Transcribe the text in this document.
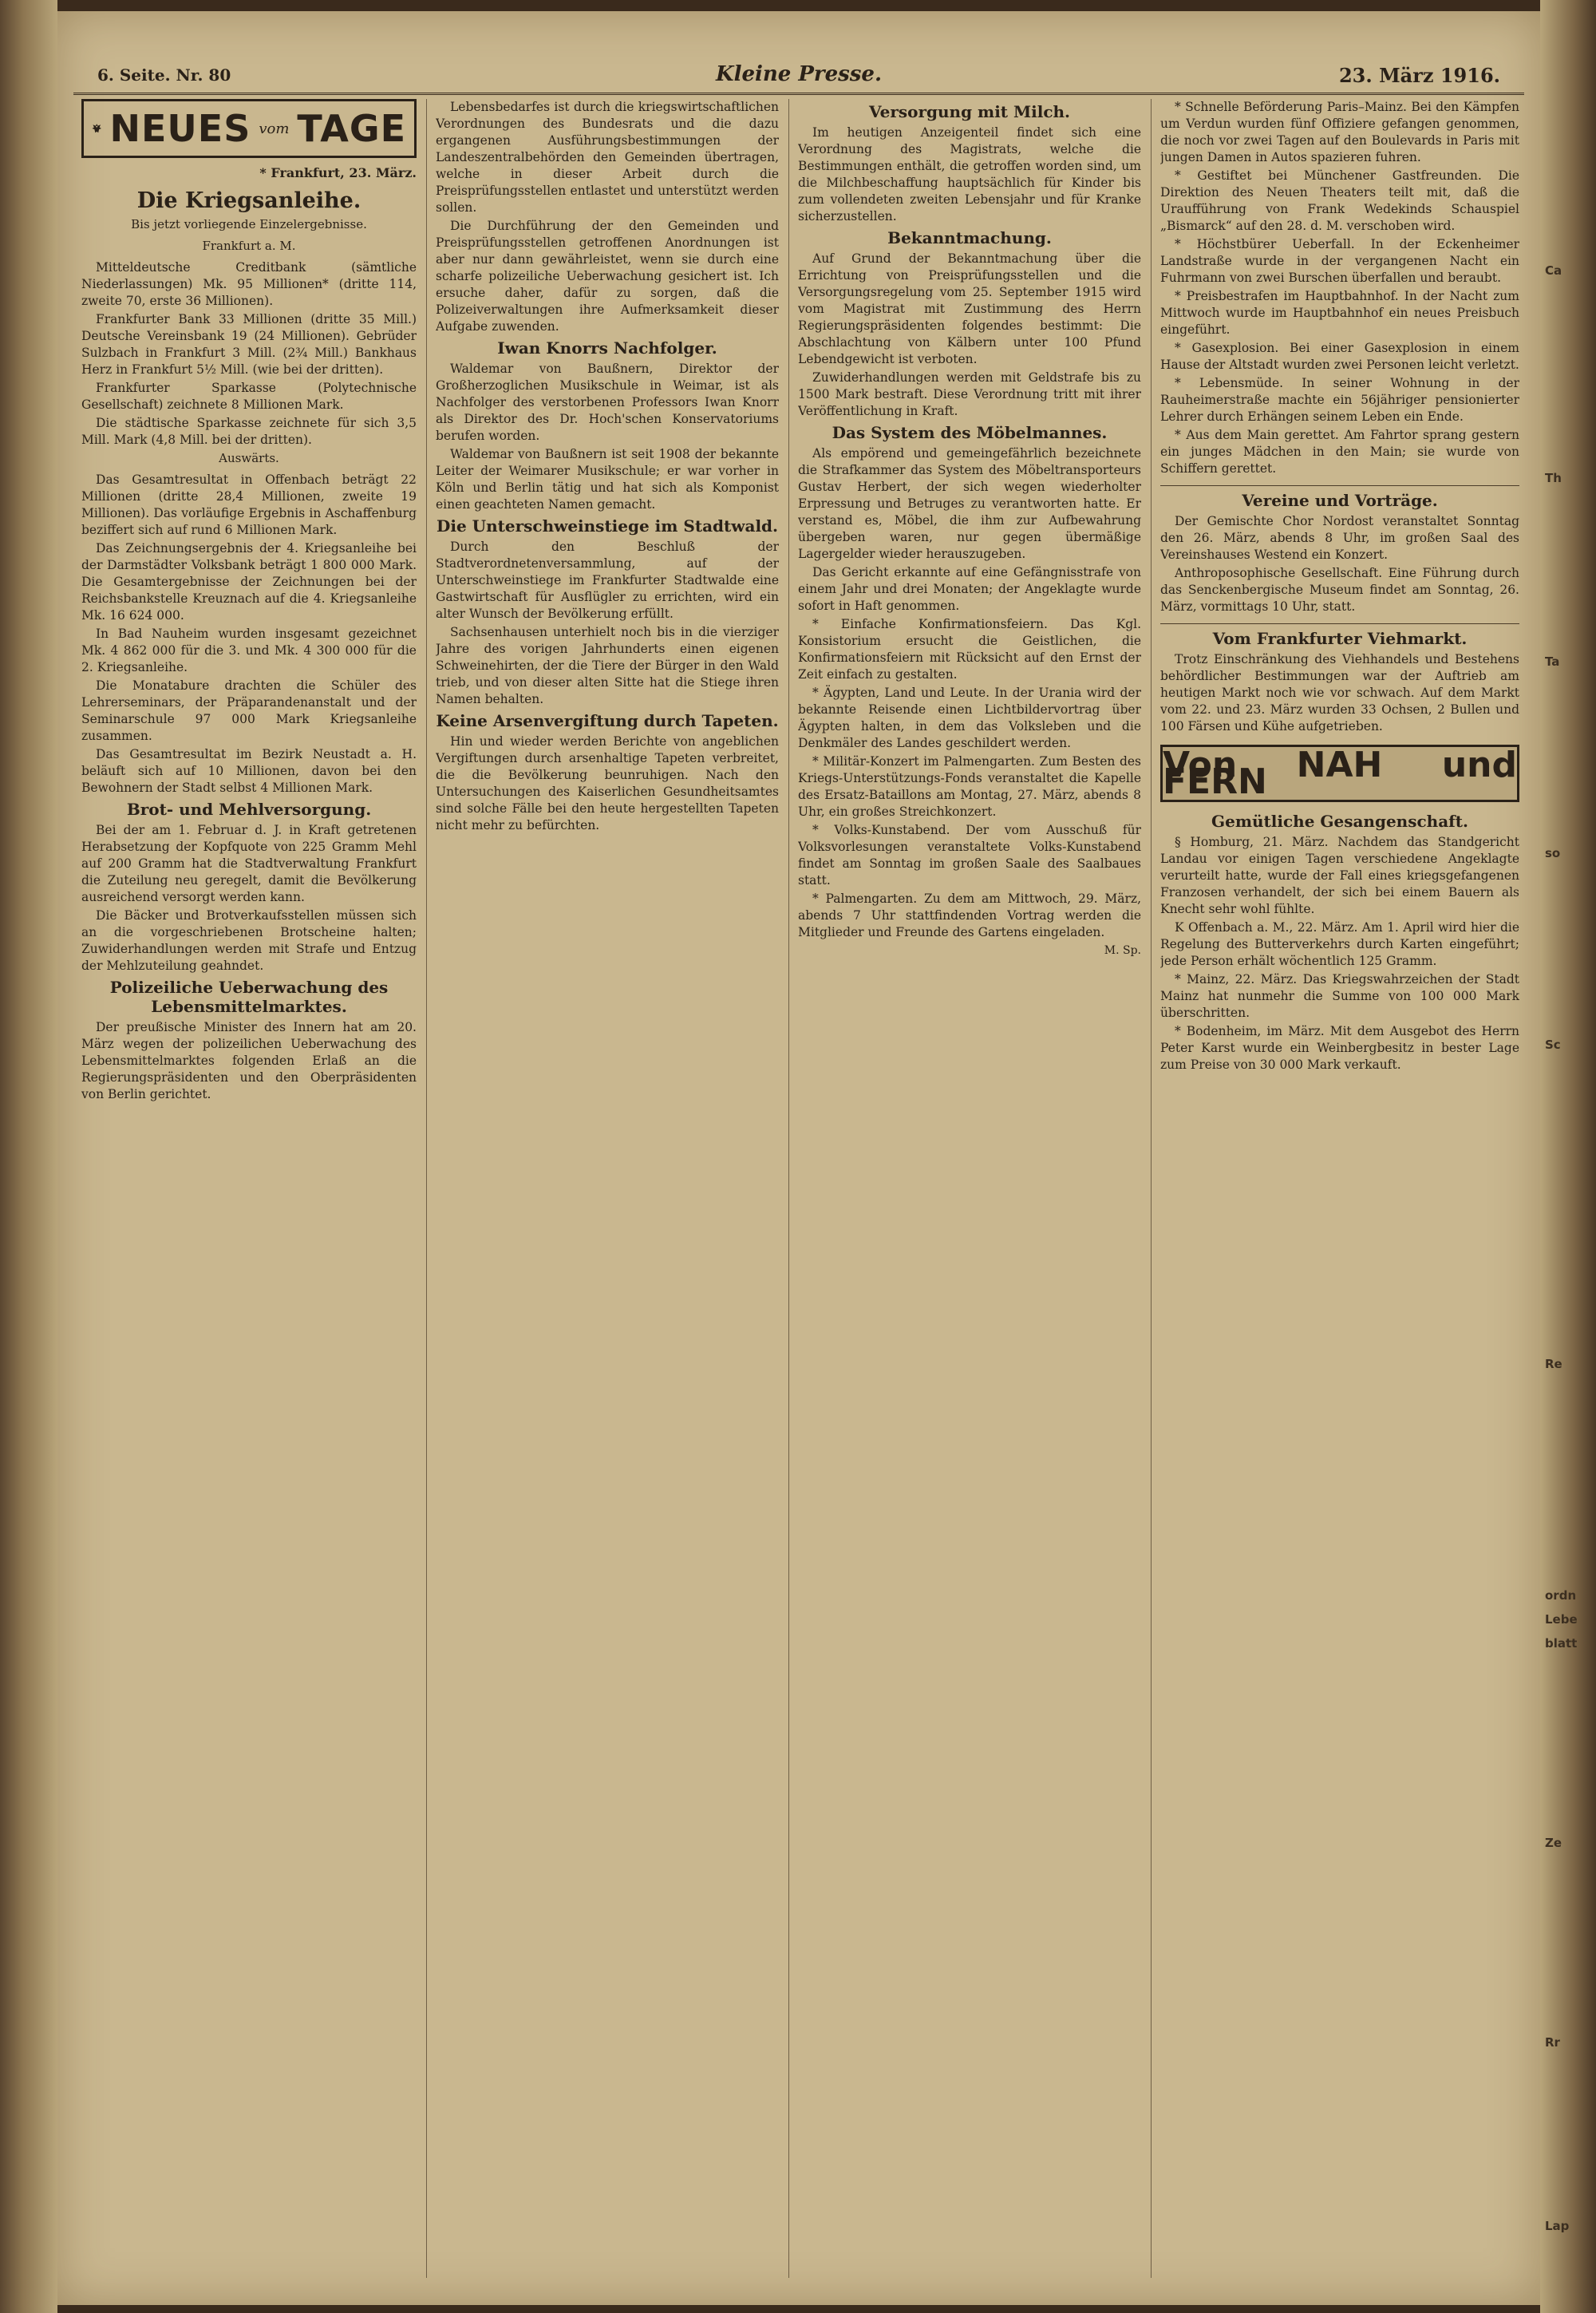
6. Seite. Nr. 80	Kleine Presse.	23. März 1916.
NEUES vom TAGE
* Frankfurt, 23. März.
Die Kriegsanleihe.
Bis jetzt vorliegende Einzelergebnisse.
Frankfurt a. M.

Mitteldeutsche Creditbank (sämtliche Niederlassungen) Mk. 95 Millionen* (dritte 114, zweite 70, erste 36 Millionen).

Frankfurter Bank 33 Millionen (dritte 35 Mill.) Deutsche Vereinsbank 19 (24 Millionen). Gebrüder Sulzbach in Frankfurt 3 Mill. (2¾ Mill.) Bankhaus Herz in Frankfurt 5½ Mill. (wie bei der dritten).

Frankfurter Sparkasse (Polytechnische Gesellschaft) zeichnete 8 Millionen Mark.

Die städtische Sparkasse zeichnete für sich 3,5 Mill. Mark (4,8 Mill. bei der dritten).

Auswärts.

Das Gesamtresultat in Offenbach beträgt 22 Millionen (dritte 28,4 Millionen, zweite 19 Millionen). Das vorläufige Ergebnis in Aschaffenburg beziffert sich auf rund 6 Millionen Mark.

Das Zeichnungsergebnis der 4. Kriegsanleihe bei der Darmstädter Volksbank beträgt 1 800 000 Mark. Die Gesamtergebnisse der Zeichnungen bei der Reichsbankstelle Kreuznach auf die 4. Kriegsanleihe Mk. 16 624 000.

In Bad Nauheim wurden insgesamt gezeichnet Mk. 4 862 000 für die 3. und Mk. 4 300 000 für die 2. Kriegsanleihe.

Die Monatabure drachten die Schüler des Lehrerseminars, der Präparandenanstalt und der Seminarschule 97 000 Mark Kriegsanleihe zusammen.

Das Gesamtresultat im Bezirk Neustadt a. H. beläuft sich auf 10 Millionen, davon bei den Bewohnern der Stadt selbst 4 Millionen Mark.

Brot- und Mehlversorgung.

Bei der am 1. Februar d. J. in Kraft getretenen Herabsetzung der Kopfquote von 225 Gramm Mehl auf 200 Gramm hat die Stadtverwaltung Frankfurt die Zuteilung neu geregelt, damit die Bevölkerung ausreichend versorgt werden kann.

Die Bäcker und Brotverkaufsstellen müssen sich an die vorgeschriebenen Brotscheine halten; Zuwiderhandlungen werden mit Strafe und Entzug der Mehlzuteilung geahndet.

Polizeiliche Ueberwachung des Lebensmittelmarktes.

Der preußische Minister des Innern hat am 20. März wegen der polizeilichen Ueberwachung des Lebensmittelmarktes folgenden Erlaß an die Regierungspräsidenten und den Oberpräsidenten von Berlin gerichtet.

Lebensbedarfes ist durch die kriegswirtschaftlichen Verordnungen des Bundesrats und die dazu ergangenen Ausführungsbestimmungen der Landeszentralbehörden den Gemeinden übertragen, welche in dieser Arbeit durch die Preisprüfungsstellen entlastet und unterstützt werden sollen.

Die Durchführung der den Gemeinden und Preisprüfungsstellen getroffenen Anordnungen ist aber nur dann gewährleistet, wenn sie durch eine scharfe polizeiliche Ueberwachung gesichert ist. Ich ersuche daher, dafür zu sorgen, daß die Polizeiverwaltungen ihre Aufmerksamkeit dieser Aufgabe zuwenden.

Iwan Knorrs Nachfolger.

Waldemar von Baußnern, Direktor der Großherzoglichen Musikschule in Weimar, ist als Nachfolger des verstorbenen Professors Iwan Knorr als Direktor des Dr. Hoch'schen Konservatoriums berufen worden.

Waldemar von Baußnern ist seit 1908 der bekannte Leiter der Weimarer Musikschule; er war vorher in Köln und Berlin tätig und hat sich als Komponist einen geachteten Namen gemacht.

Die Unterschweinstiege im Stadtwald.

Durch den Beschluß der Stadtverordnetenversammlung, auf der Unterschweinstiege im Frankfurter Stadtwalde eine Gastwirtschaft für Ausflügler zu errichten, wird ein alter Wunsch der Bevölkerung erfüllt.

Sachsenhausen unterhielt noch bis in die vierziger Jahre des vorigen Jahrhunderts einen eigenen Schweinehirten, der die Tiere der Bürger in den Wald trieb, und von dieser alten Sitte hat die Stiege ihren Namen behalten.

Keine Arsenvergiftung durch Tapeten.

Hin und wieder werden Berichte von angeblichen Vergiftungen durch arsenhaltige Tapeten verbreitet, die die Bevölkerung beunruhigen. Nach den Untersuchungen des Kaiserlichen Gesundheitsamtes sind solche Fälle bei den heute hergestellten Tapeten nicht mehr zu befürchten.

Versorgung mit Milch.

Im heutigen Anzeigenteil findet sich eine Verordnung des Magistrats, welche die Bestimmungen enthält, die getroffen worden sind, um die Milchbeschaffung hauptsächlich für Kinder bis zum vollendeten zweiten Lebensjahr und für Kranke sicherzustellen.

Bekanntmachung.

Auf Grund der Bekanntmachung über die Errichtung von Preisprüfungsstellen und die Versorgungsregelung vom 25. September 1915 wird vom Magistrat mit Zustimmung des Herrn Regierungspräsidenten folgendes bestimmt: Die Abschlachtung von Kälbern unter 100 Pfund Lebendgewicht ist verboten.

Zuwiderhandlungen werden mit Geldstrafe bis zu 1500 Mark bestraft. Diese Verordnung tritt mit ihrer Veröffentlichung in Kraft.

Das System des Möbelmannes.

Als empörend und gemeingefährlich bezeichnete die Strafkammer das System des Möbeltransporteurs Gustav Herbert, der sich wegen wiederholter Erpressung und Betruges zu verantworten hatte. Er verstand es, Möbel, die ihm zur Aufbewahrung übergeben waren, nur gegen übermäßige Lagergelder wieder herauszugeben.

Das Gericht erkannte auf eine Gefängnisstrafe von einem Jahr und drei Monaten; der Angeklagte wurde sofort in Haft genommen.

* Einfache Konfirmationsfeiern. Das Kgl. Konsistorium ersucht die Geistlichen, die Konfirmationsfeiern mit Rücksicht auf den Ernst der Zeit einfach zu gestalten.

* Ägypten, Land und Leute. In der Urania wird der bekannte Reisende einen Lichtbildervortrag über Ägypten halten, in dem das Volksleben und die Denkmäler des Landes geschildert werden.

* Militär-Konzert im Palmengarten. Zum Besten des Kriegs-Unterstützungs-Fonds veranstaltet die Kapelle des Ersatz-Bataillons am Montag, 27. März, abends 8 Uhr, ein großes Streichkonzert.

* Volks-Kunstabend. Der vom Ausschuß für Volksvorlesungen veranstaltete Volks-Kunstabend findet am Sonntag im großen Saale des Saalbaues statt.

* Palmengarten. Zu dem am Mittwoch, 29. März, abends 7 Uhr stattfindenden Vortrag werden die Mitglieder und Freunde des Gartens eingeladen.

M. Sp.

* Schnelle Beförderung Paris–Mainz. Bei den Kämpfen um Verdun wurden fünf Offiziere gefangen genommen, die noch vor zwei Tagen auf den Boulevards in Paris mit jungen Damen in Autos spazieren fuhren.

* Gestiftet bei Münchener Gastfreunden. Die Direktion des Neuen Theaters teilt mit, daß die Uraufführung von Frank Wedekinds Schauspiel „Bismarck“ auf den 28. d. M. verschoben wird.

* Höchstbürer Ueberfall. In der Eckenheimer Landstraße wurde in der vergangenen Nacht ein Fuhrmann von zwei Burschen überfallen und beraubt.

* Preisbestrafen im Hauptbahnhof. In der Nacht zum Mittwoch wurde im Hauptbahnhof ein neues Preisbuch eingeführt.

* Gasexplosion. Bei einer Gasexplosion in einem Hause der Altstadt wurden zwei Personen leicht verletzt.

* Lebensmüde. In seiner Wohnung in der Rauheimerstraße machte ein 56jähriger pensionierter Lehrer durch Erhängen seinem Leben ein Ende.

* Aus dem Main gerettet. Am Fahrtor sprang gestern ein junges Mädchen in den Main; sie wurde von Schiffern gerettet.

Vereine und Vorträge.

Der Gemischte Chor Nordost veranstaltet Sonntag den 26. März, abends 8 Uhr, im großen Saal des Vereinshauses Westend ein Konzert.

Anthroposophische Gesellschaft. Eine Führung durch das Senckenbergische Museum findet am Sonntag, 26. März, vormittags 10 Uhr, statt.

Vom Frankfurter Viehmarkt.

Trotz Einschränkung des Viehhandels und Bestehens behördlicher Bestimmungen war der Auftrieb am heutigen Markt noch wie vor schwach. Auf dem Markt vom 22. und 23. März wurden 33 Ochsen, 2 Bullen und 100 Färsen und Kühe aufgetrieben.

Von NAH und FERN
Gemütliche Gesangenschaft.

§ Homburg, 21. März. Nachdem das Standgericht Landau vor einigen Tagen verschiedene Angeklagte verurteilt hatte, wurde der Fall eines kriegsgefangenen Franzosen verhandelt, der sich bei einem Bauern als Knecht sehr wohl fühlte.

K Offenbach a. M., 22. März. Am 1. April wird hier die Regelung des Butterverkehrs durch Karten eingeführt; jede Person erhält wöchentlich 125 Gramm.

* Mainz, 22. März. Das Kriegswahrzeichen der Stadt Mainz hat nunmehr die Summe von 100 000 Mark überschritten.

* Bodenheim, im März. Mit dem Ausgebot des Herrn Peter Karst wurde ein Weinbergbesitz in bester Lage zum Preise von 30 000 Mark verkauft.

Ca
Th
Ta
so
Sc
Re
ordn
Lebe
blatt
Ze
Rr
Lap
